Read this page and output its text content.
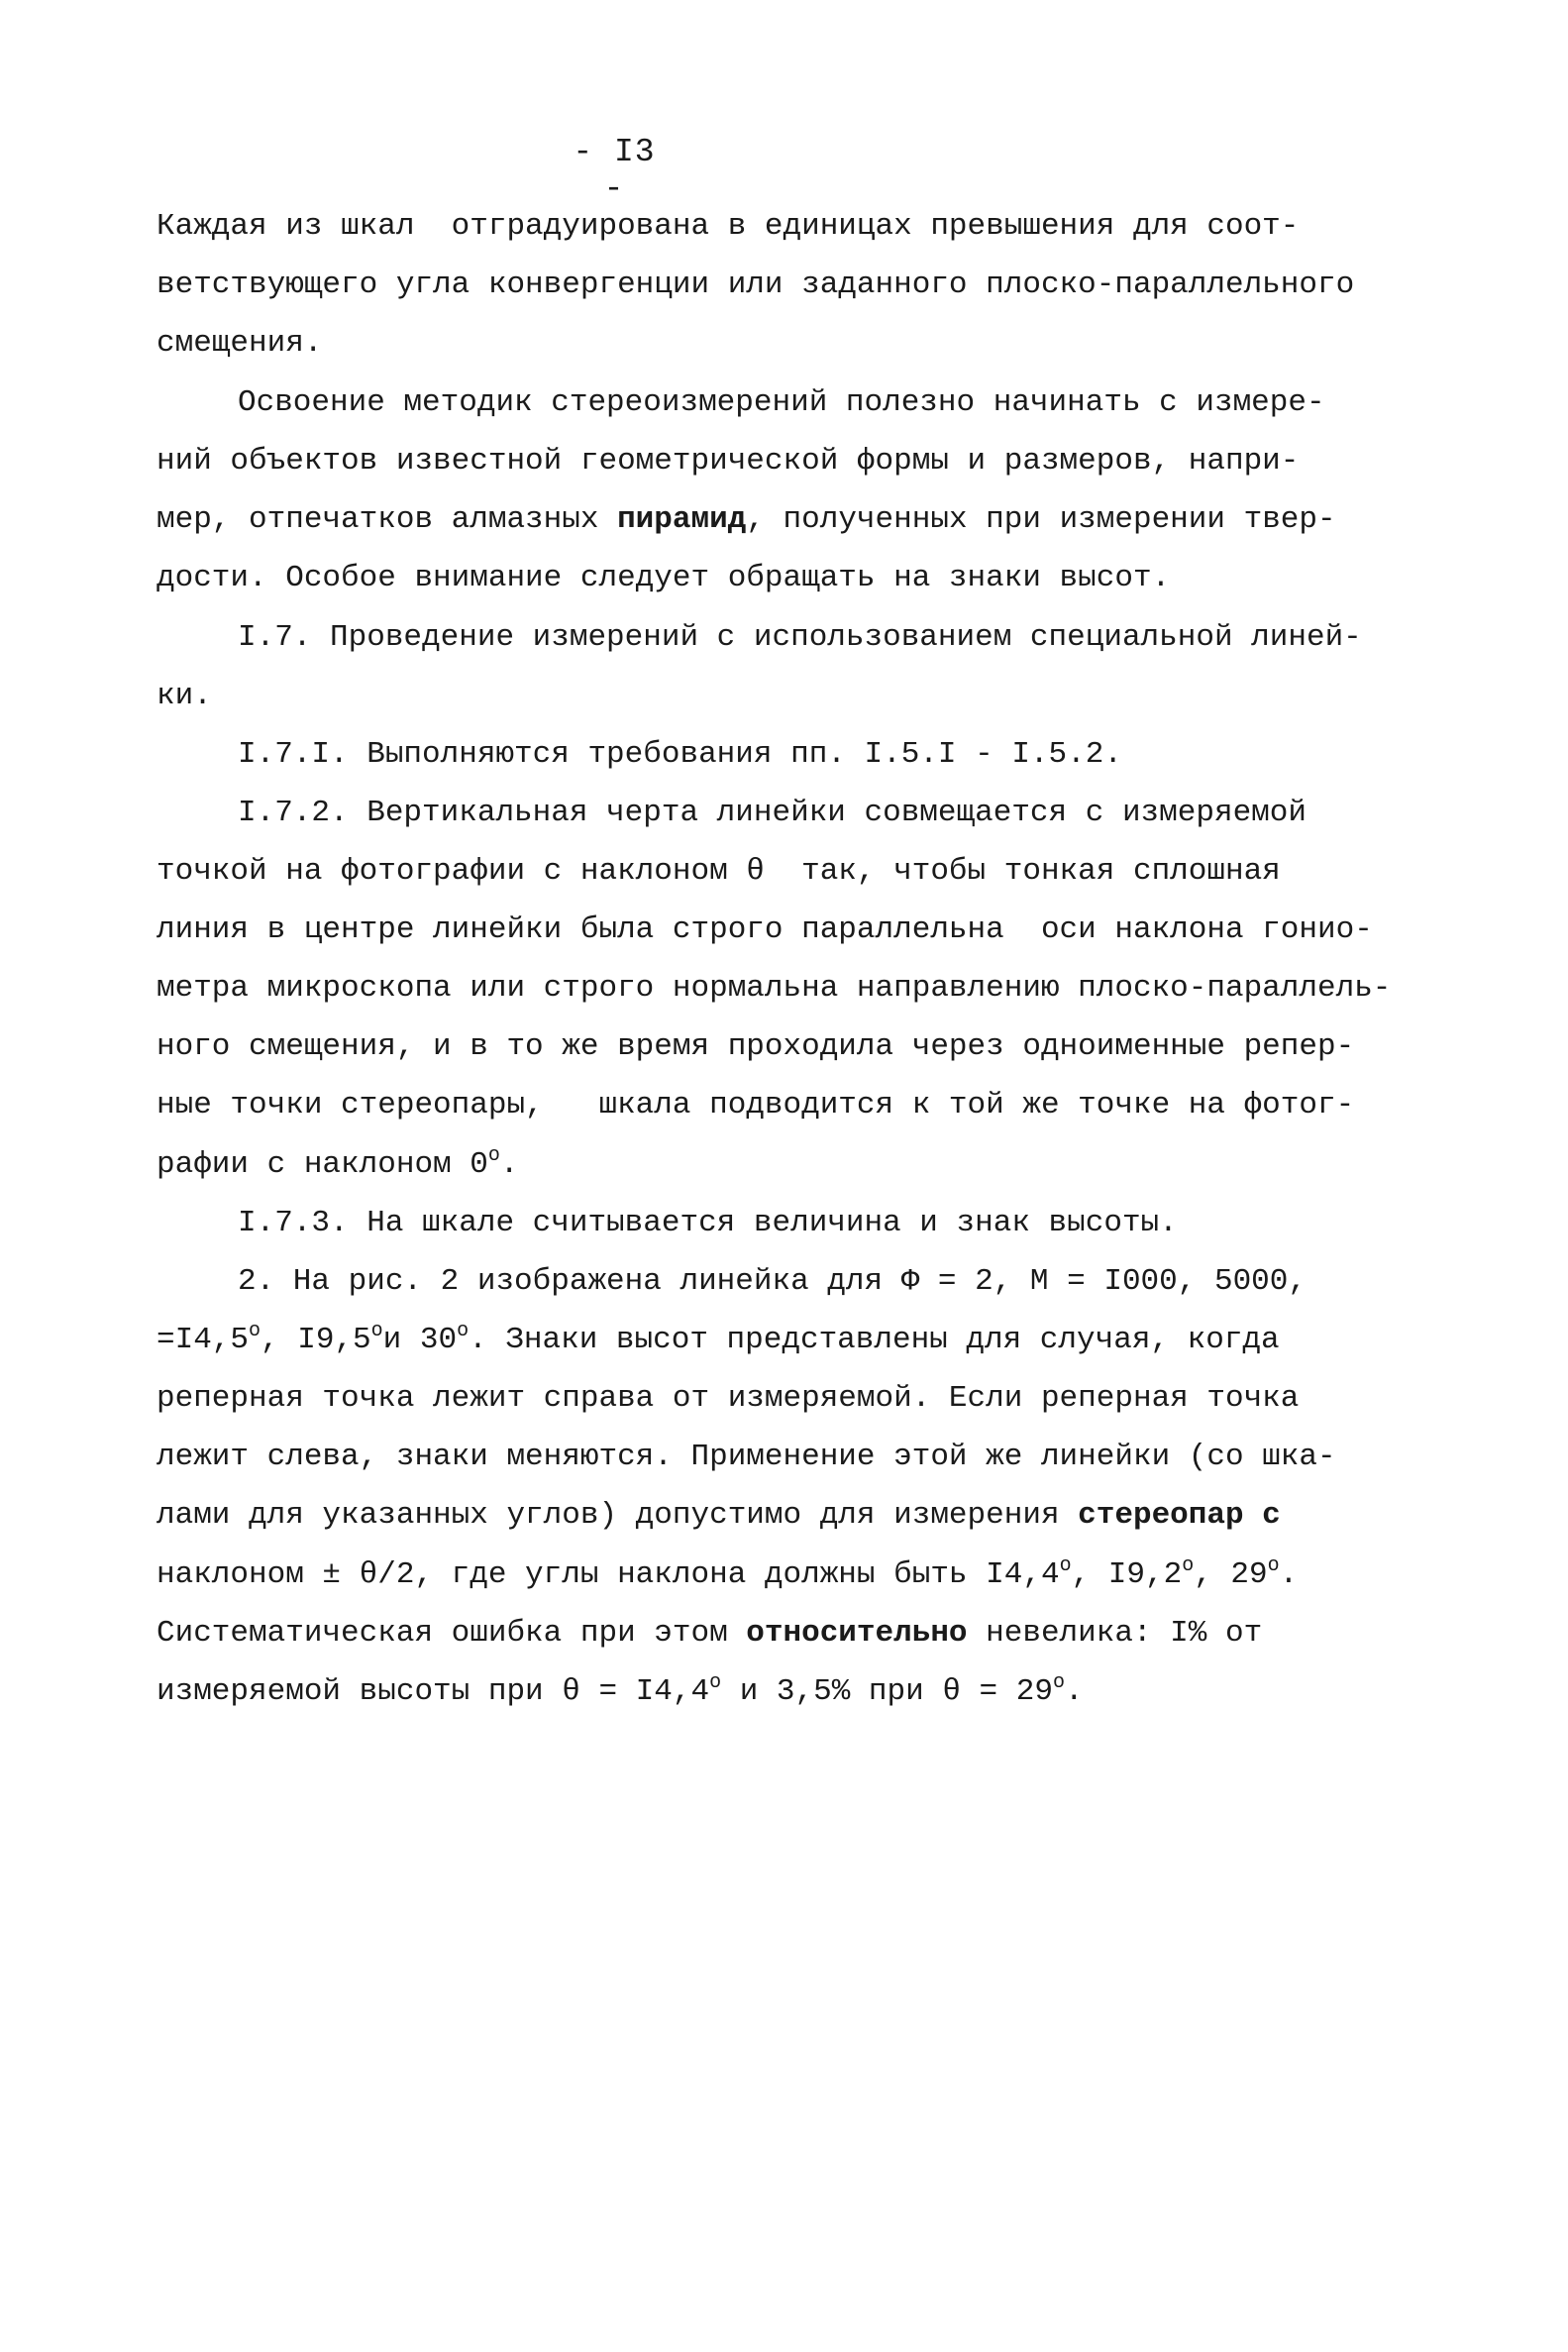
- I3 -
Каждая из шкал  отградуирована в единицах превышения для соот-
ветствующего угла конвергенции или заданного плоско-параллельного
смещения.
Освоение методик стереоизмерений полезно начинать с измере-
ний объектов известной геометрической формы и размеров, напри-
мер, отпечатков алмазных пирамид, полученных при измерении твер-
дости. Особое внимание следует обращать на знаки высот.
I.7. Проведение измерений с использованием специальной линей-
ки.
I.7.I. Выполняются требования пп. I.5.I - I.5.2.
I.7.2. Вертикальная черта линейки совмещается с измеряемой
точкой на фотографии с наклоном θ  так, чтобы тонкая сплошная
линия в центре линейки была строго параллельна  оси наклона гонио-
метра микроскопа или строго нормальна направлению плоско-параллель-
ного смещения, и в то же время проходила через одноименные репер-
ные точки стереопары,   шкала подводится к той же точке на фотог-
рафии с наклоном 0$^o$.
I.7.3. На шкале считывается величина и знак высоты.
2. На рис. 2 изображена линейка для Φ = 2, M = I000, 5000,
$=I4,5^o$, I9,5$^o$и 30$^o$. Знаки высот представлены для случая, когда
реперная точка лежит справа от измеряемой. Если реперная точка
лежит слева, знаки меняются. Применение этой же линейки (со шка-
лами для указанных углов) допустимо для измерения стереопар с
наклоном ± θ/2, где углы наклона должны быть I4,4$^o$, I9,2$^o$, 29$^o$.
Систематическая ошибка при этом относительно невелика: I% от
измеряемой высоты при $\theta = I4,4^o$ и 3,5% при $\theta = 29^o$.
